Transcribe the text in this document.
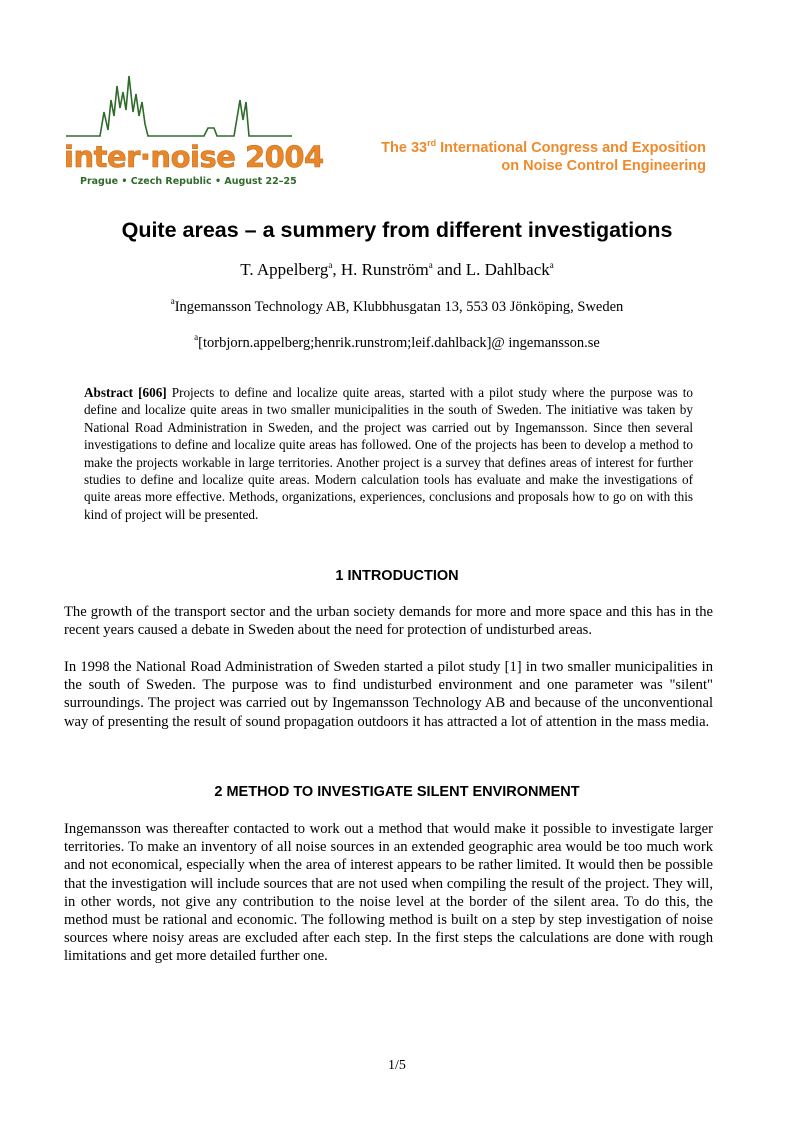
inter·noise 2004
Prague • Czech Republic • August 22–25
The 33rd International Congress and Exposition
on Noise Control Engineering
Quite areas – a summery from different investigations
T. Appelberg$^a$, H. Runström$^a$ and L. Dahlback$^a$
$^a$Ingemansson Technology AB, Klubbhusgatan 13, 553 03 Jönköping, Sweden
$^a$[torbjorn.appelberg;henrik.runstrom;leif.dahlback]@ ingemansson.se
Abstract [606] Projects to define and localize quite areas, started with a pilot study where the purpose was to define and localize quite areas in two smaller municipalities in the south of Sweden. The initiative was taken by National Road Administration in Sweden, and the project was carried out by Ingemansson. Since then several investigations to define and localize quite areas has followed. One of the projects has been to develop a method to make the projects workable in large territories. Another project is a survey that defines areas of interest for further studies to define and localize quite areas. Modern calculation tools has evaluate and make the investigations of quite areas more effective. Methods, organizations, experiences, conclusions and proposals how to go on with this kind of project will be presented.
1 INTRODUCTION
The growth of the transport sector and the urban society demands for more and more space and this has in the recent years caused a debate in Sweden about the need for protection of undisturbed areas.
In 1998 the National Road Administration of Sweden started a pilot study [1] in two smaller municipalities in the south of Sweden. The purpose was to find undisturbed environment and one parameter was "silent" surroundings. The project was carried out by Ingemansson Technology AB and because of the unconventional way of presenting the result of sound propagation outdoors it has attracted a lot of attention in the mass media.
2 METHOD TO INVESTIGATE SILENT ENVIRONMENT
Ingemansson was thereafter contacted to work out a method that would make it possible to investigate larger territories. To make an inventory of all noise sources in an extended geographic area would be too much work and not economical, especially when the area of interest appears to be rather limited. It would then be possible that the investigation will include sources that are not used when compiling the result of the project. They will, in other words, not give any contribution to the noise level at the border of the silent area. To do this, the method must be rational and economic. The following method is built on a step by step investigation of noise sources where noisy areas are excluded after each step. In the first steps the calculations are done with rough limitations and get more detailed further one.
1/5
